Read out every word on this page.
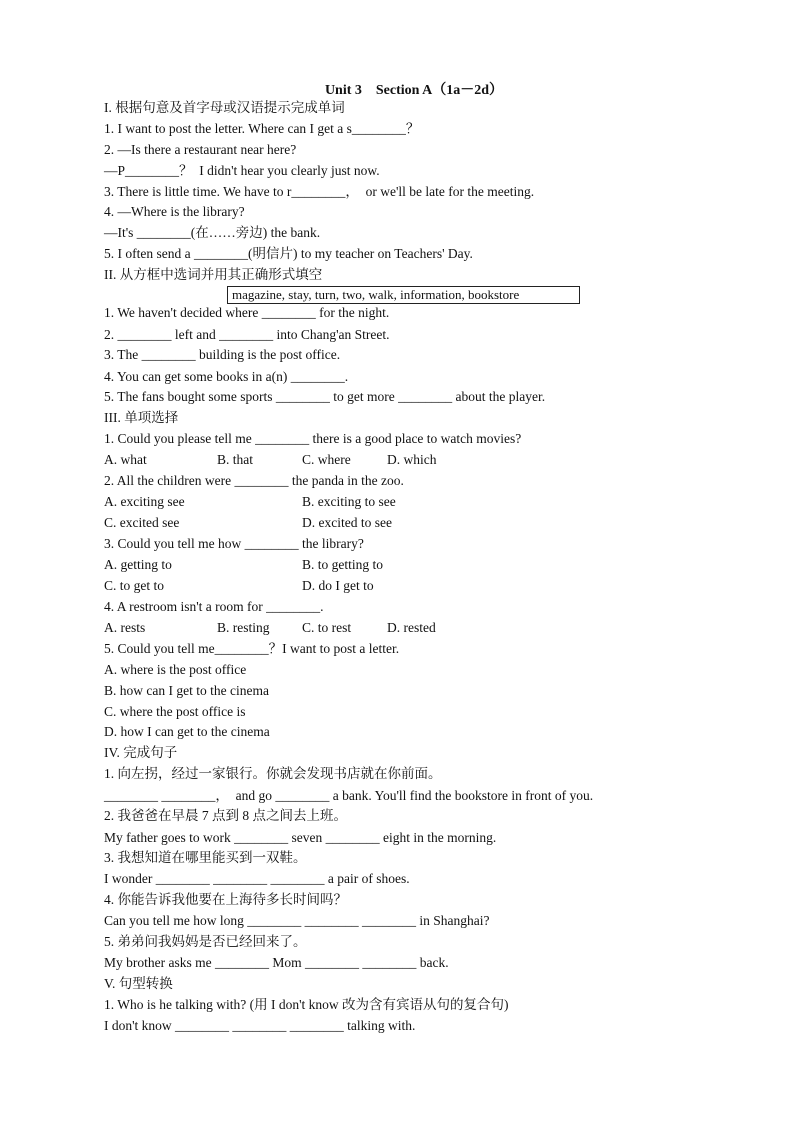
Unit 3    Section A（1a－2d）
I. 根据句意及首字母或汉语提示完成单词
1. I want to post the letter. Where can I get a s________？
2. —Is there a restaurant near here?
—P________？  I didn't hear you clearly just now.
3. There is little time. We have to r________，  or we'll be late for the meeting.
4. —Where is the library?
—It's ________(在……旁边) the bank.
5. I often send a ________(明信片) to my teacher on Teachers' Day.
II. 从方框中选词并用其正确形式填空
magazine, stay, turn, two, walk, information, bookstore
1. We haven't decided where ________ for the night.
2. ________ left and ________ into Chang'an Street.
3. The ________ building is the post office.
4. You can get some books in a(n) ________.
5. The fans bought some sports ________ to get more ________ about the player.
III. 单项选择
1. Could you please tell me ________ there is a good place to watch movies?
A. what	B. that	C. where	D. which
2. All the children were ________ the panda in the zoo.
A. exciting see	B. exciting to see
C. excited see	D. excited to see
3. Could you tell me how ________ the library?
A. getting to	B. to getting to
C. to get to	D. do I get to
4. A restroom isn't a room for ________.
A. rests	B. resting C. to rest	D. rested
5. Could you tell me________？I want to post a letter.
A. where is the post office
B. how can I get to the cinema
C. where the post office is
D. how I can get to the cinema
IV. 完成句子
1. 向左拐，经过一家银行。你就会发现书店就在你前面。
________ ________，  and go ________ a bank. You'll find the bookstore in front of you.
2. 我爸爸在早晨 7 点到 8 点之间去上班。
My father goes to work ________ seven ________ eight in the morning.
3. 我想知道在哪里能买到一双鞋。
I wonder ________ ________ ________ a pair of shoes.
4. 你能告诉我他要在上海待多长时间吗？
Can you tell me how long ________ ________ ________ in Shanghai?
5. 弟弟问我妈妈是否已经回来了。
My brother asks me ________ Mom ________ ________ back.
V. 句型转换
1. Who is he talking with? (用 I don't know 改为含有宾语从句的复合句)
I don't know ________ ________ ________ talking with.
